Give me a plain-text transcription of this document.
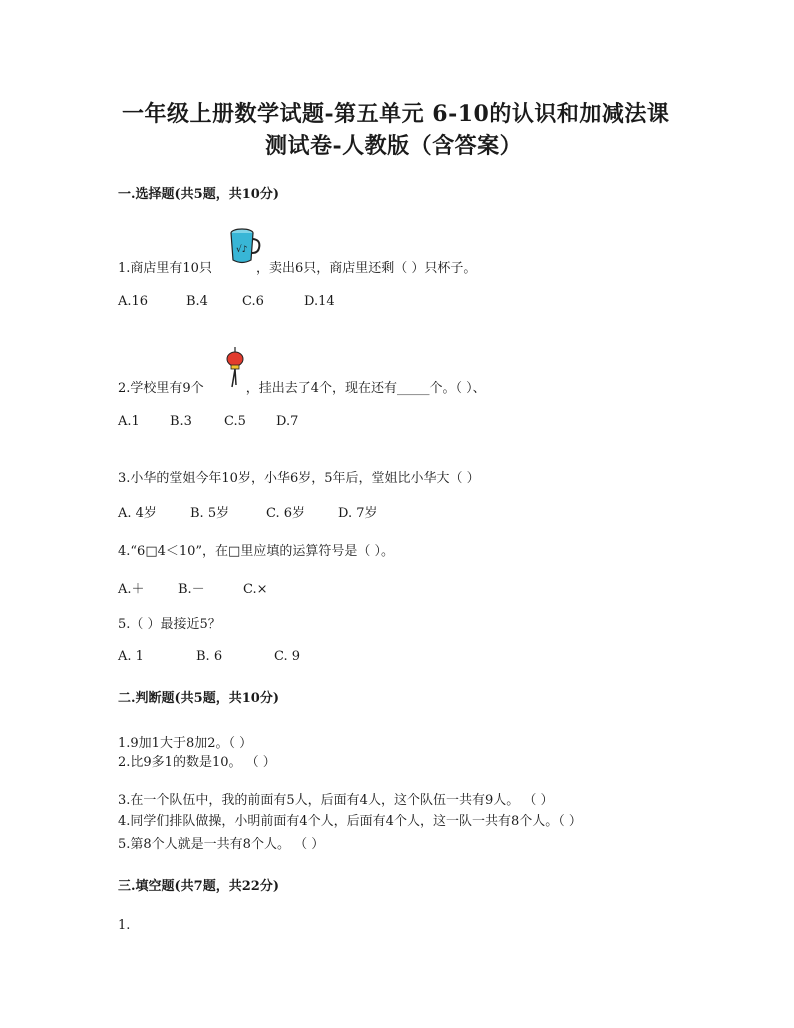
一年级上册数学试题-第五单元 6-10的认识和加减法课
测试卷-人教版（含答案）
一.选择题(共5题，共10分)
1.商店里有10只	，卖出6只，商店里还剩（ ）只杯子。
√♪
A.16	B.4	C.6	D.14
2.学校里有9个	，挂出去了4个，现在还有_____个。（ ）、
A.1 B.3 C.5 D.7
3.小华的堂姐今年10岁，小华6岁，5年后，堂姐比小华大（ ）
A. 4岁	B. 5岁	C. 6岁	D. 7岁
4.“6□4＜10”，在□里应填的运算符号是（ ）。
A.＋	B.－	C.×
5.（ ）最接近5？
A. 1	B. 6	C. 9
二.判断题(共5题，共10分)
1.9加1大于8加2。（ ）
2.比9多1的数是10。 （ ）
3.在一个队伍中，我的前面有5人，后面有4人，这个队伍一共有9人。 （ ）
4.同学们排队做操，小明前面有4个人，后面有4个人，这一队一共有8个人。（ ）
5.第8个人就是一共有8个人。 （ ）
三.填空题(共7题，共22分)
1.
